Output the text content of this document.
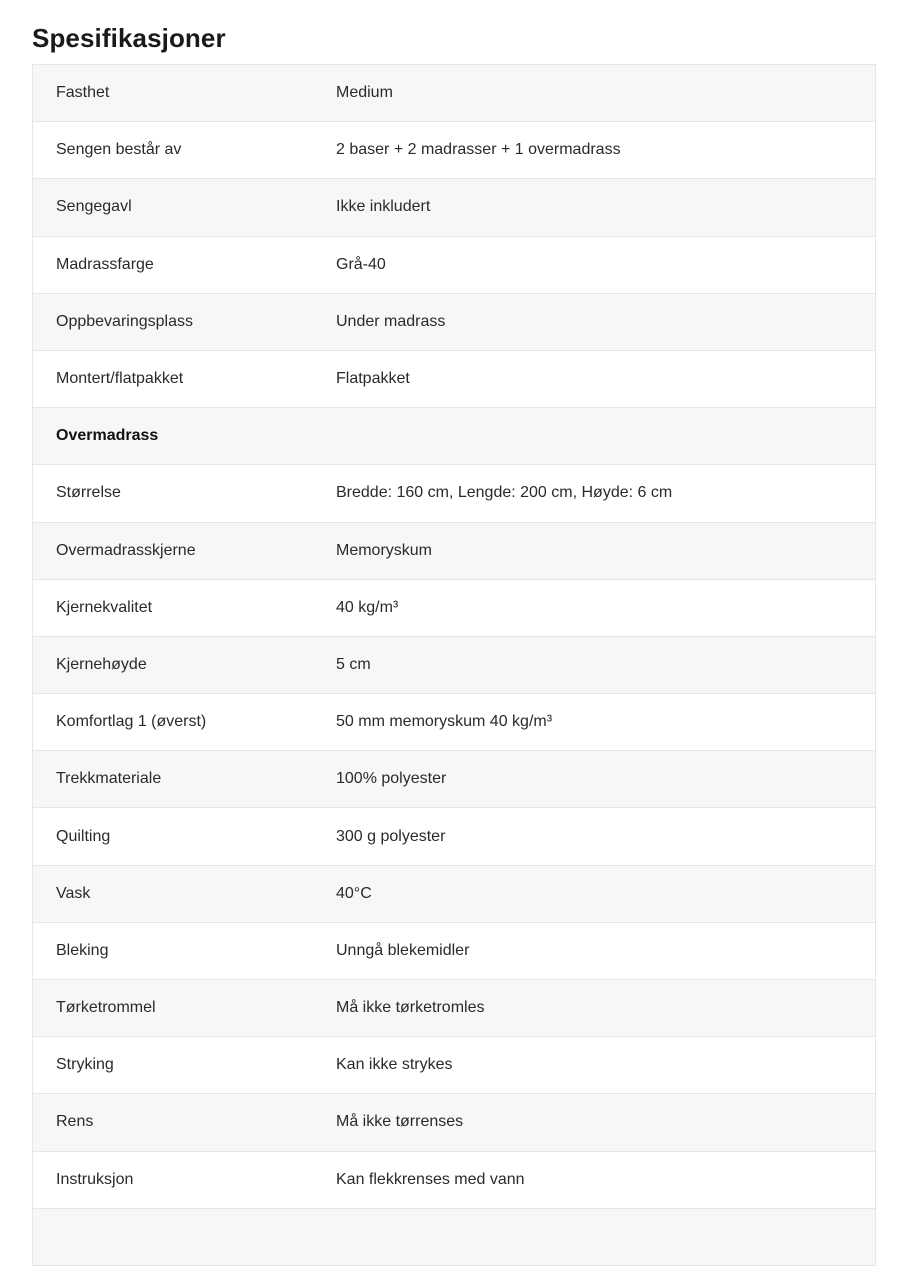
Spesifikasjoner
Fasthet	Medium
Sengen består av	2 baser + 2 madrasser + 1 overmadrass
Sengegavl	Ikke inkludert
Madrassfarge	Grå-40
Oppbevaringsplass	Under madrass
Montert/flatpakket	Flatpakket
Overmadrass
Størrelse	Bredde: 160 cm, Lengde: 200 cm, Høyde: 6 cm
Overmadrasskjerne	Memoryskum
Kjernekvalitet	40 kg/m³
Kjernehøyde	5 cm
Komfortlag 1 (øverst)	50 mm memoryskum 40 kg/m³
Trekkmateriale	100% polyester
Quilting	300 g polyester
Vask	40°C
Bleking	Unngå blekemidler
Tørketrommel	Må ikke tørketromles
Stryking	Kan ikke strykes
Rens	Må ikke tørrenses
Instruksjon	Kan flekkrenses med vann
